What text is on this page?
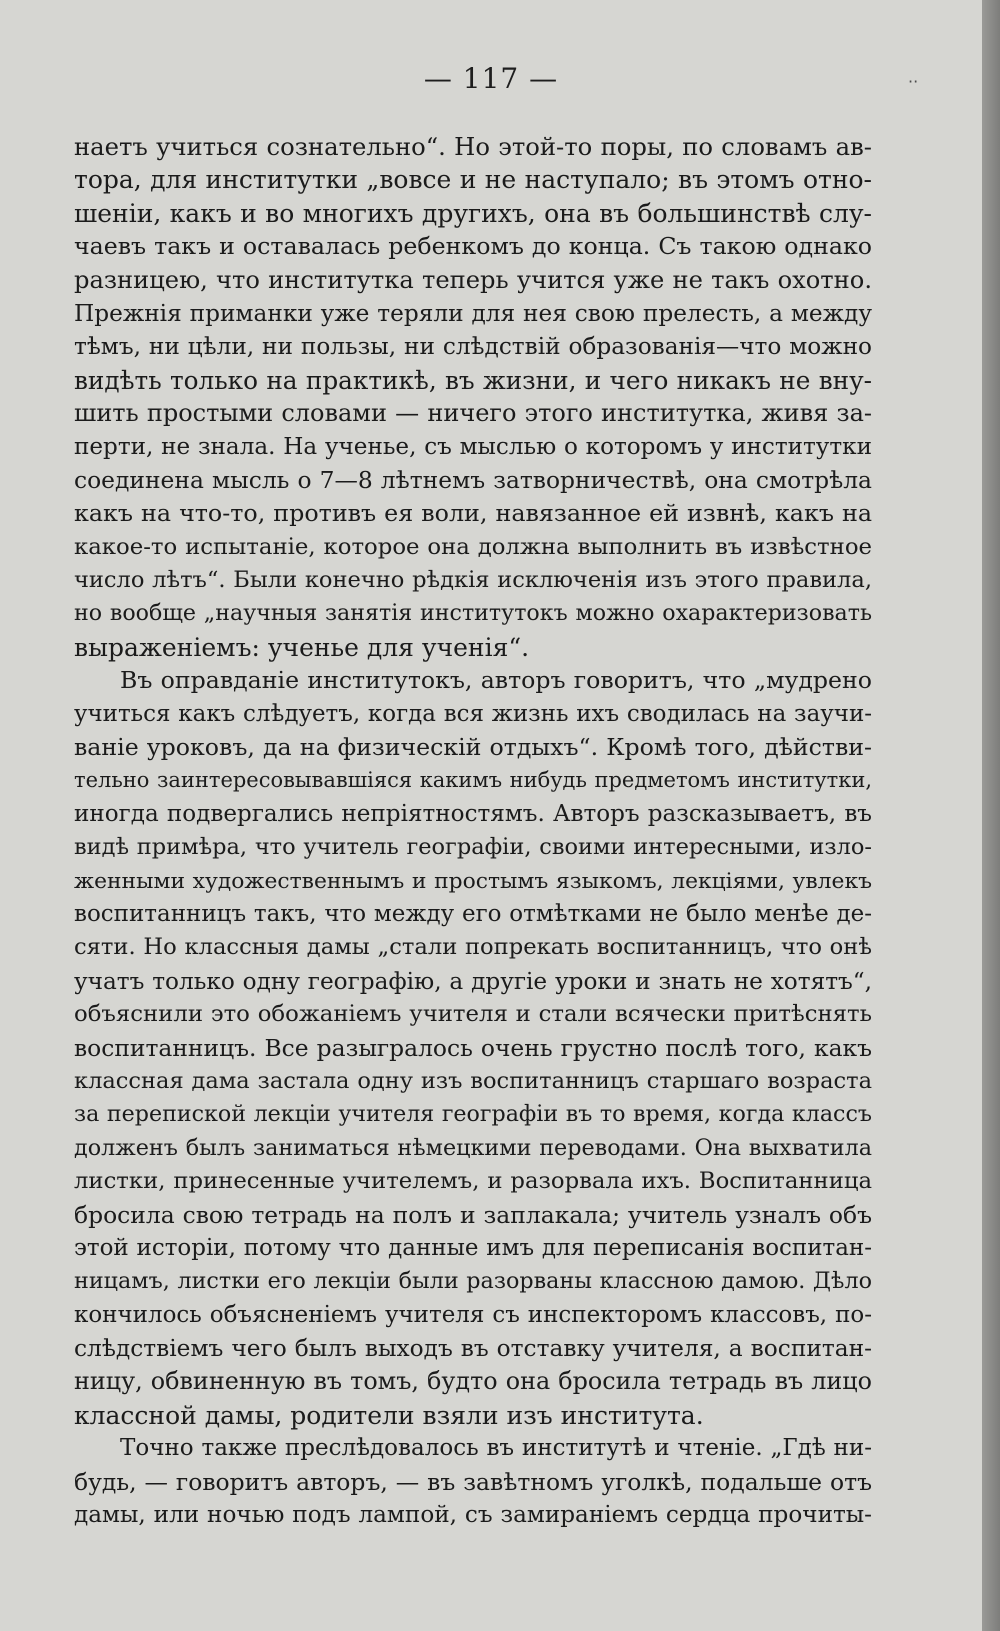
— 117 —
наетъ учиться сознательно“. Но этой-то поры, по словамъ ав-
тора, для институтки „вовсе и не наступало; въ этомъ отно-
шеніи, какъ и во многихъ другихъ, она въ большинствѣ слу-
чаевъ такъ и оставалась ребенкомъ до конца. Съ такою однако
разницею, что институтка теперь учится уже не такъ охотно.
Прежнія приманки уже теряли для нея свою прелесть, а между
тѣмъ, ни цѣли, ни пользы, ни слѣдствій образованія—что можно
видѣть только на практикѣ, въ жизни, и чего никакъ не вну-
шить простыми словами — ничего этого институтка, живя за-
перти, не знала. На ученье, съ мыслью о которомъ у институтки
соединена мысль о 7—8 лѣтнемъ затворничествѣ, она смотрѣла
какъ на что-то, противъ ея воли, навязанное ей извнѣ, какъ на
какое-то испытаніе, которое она должна выполнить въ извѣстное
число лѣтъ“. Были конечно рѣдкія исключенія изъ этого правила,
но вообще „научныя занятія институтокъ можно охарактеризовать
выраженіемъ: ученье для ученія“.
Въ оправданіе институтокъ, авторъ говоритъ, что „мудрено
учиться какъ слѣдуетъ, когда вся жизнь ихъ сводилась на заучи-
ваніе уроковъ, да на физическій отдыхъ“. Кромѣ того, дѣйстви-
тельно заинтересовывавшіяся какимъ нибудь предметомъ институтки,
иногда подвергались непріятностямъ. Авторъ разсказываетъ, въ
видѣ примѣра, что учитель географіи, своими интересными, изло-
женными художественнымъ и простымъ языкомъ, лекціями, увлекъ
воспитанницъ такъ, что между его отмѣтками не было менѣе де-
сяти. Но классныя дамы „стали попрекать воспитанницъ, что онѣ
учатъ только одну географію, а другіе уроки и знать не хотятъ“,
объяснили это обожаніемъ учителя и стали всячески притѣснять
воспитанницъ. Все разыгралось очень грустно послѣ того, какъ
классная дама застала одну изъ воспитанницъ старшаго возраста
за перепиской лекціи учителя географіи въ то время, когда классъ
долженъ былъ заниматься нѣмецкими переводами. Она выхватила
листки, принесенные учителемъ, и разорвала ихъ. Воспитанница
бросила свою тетрадь на полъ и заплакала; учитель узналъ объ
этой исторіи, потому что данные имъ для переписанія воспитан-
ницамъ, листки его лекціи были разорваны классною дамою. Дѣло
кончилось объясненіемъ учителя съ инспекторомъ классовъ, по-
слѣдствіемъ чего былъ выходъ въ отставку учителя, а воспитан-
ницу, обвиненную въ томъ, будто она бросила тетрадь въ лицо
классной дамы, родители взяли изъ института.
Точно также преслѣдовалось въ институтѣ и чтеніе. „Гдѣ ни-
будь, — говоритъ авторъ, — въ завѣтномъ уголкѣ, подальше отъ
дамы, или ночью подъ лампой, съ замираніемъ сердца прочиты-
··
